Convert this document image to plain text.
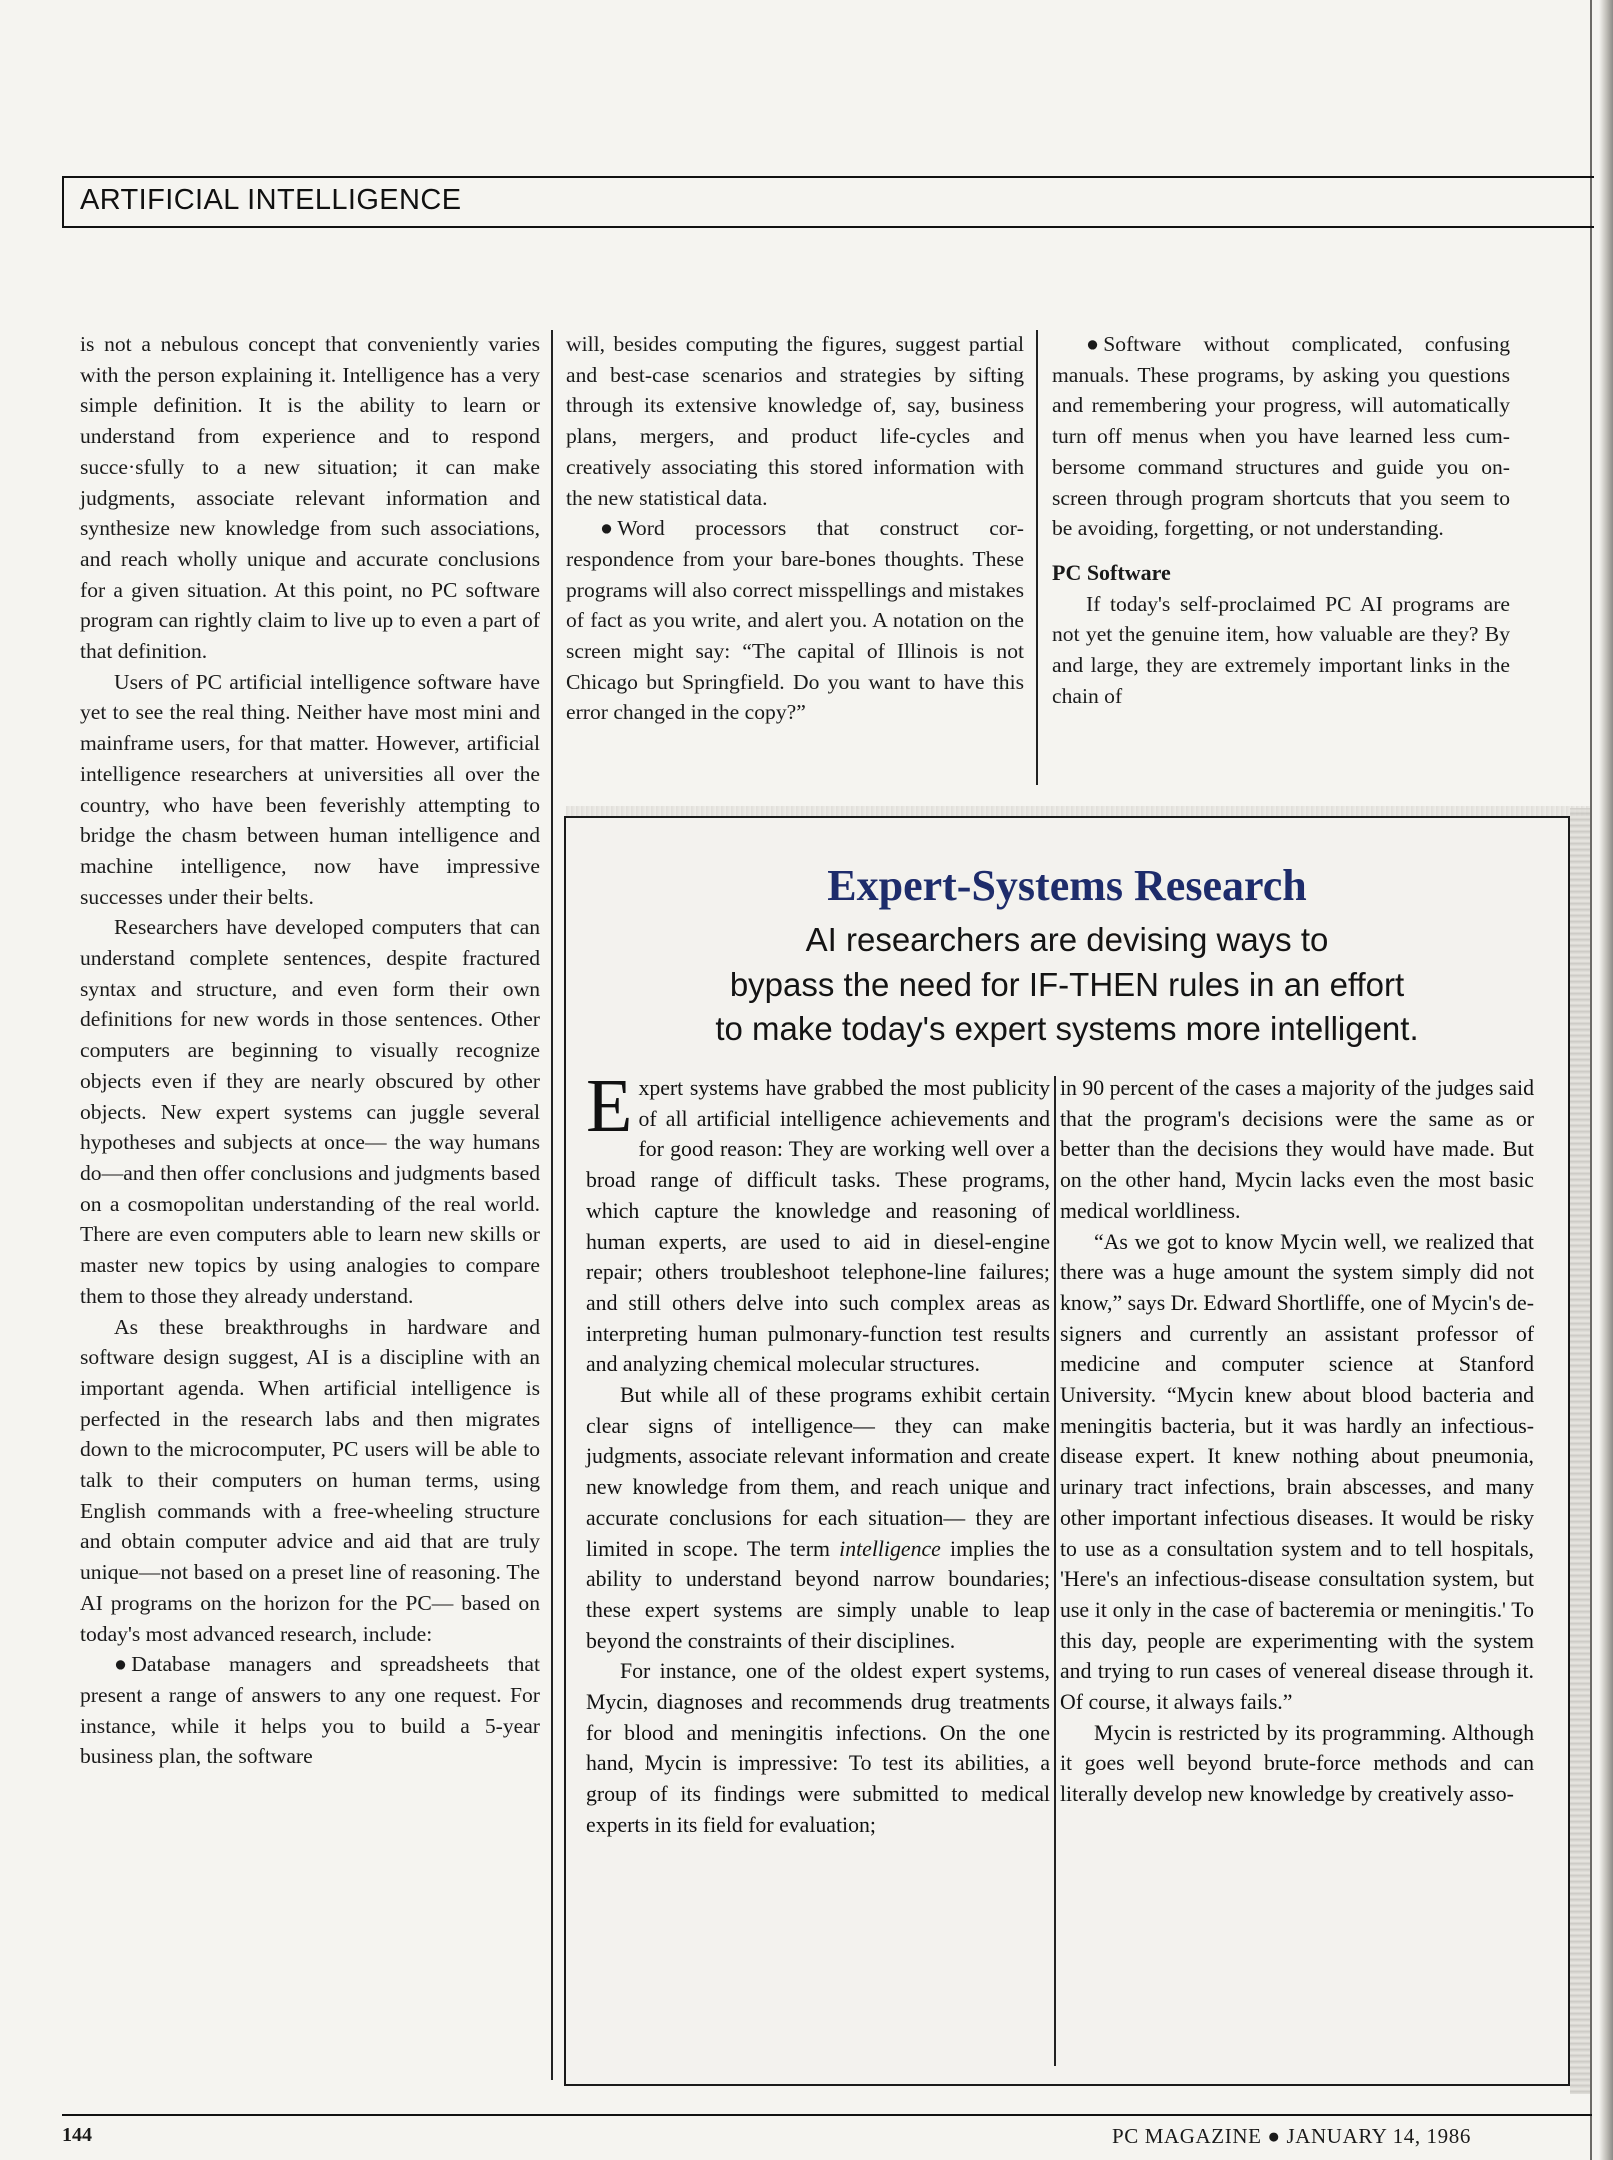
ARTIFICIAL INTELLIGENCE

is not a nebulous concept that conveniently varies with the person explaining it. Intelligence has a very simple definition. It is the ability to learn or understand from experience and to respond succe·sfully to a new situation; it can make judgments, associate relevant information and synthesize new knowledge from such associations, and reach wholly unique and accurate conclusions for a given situation. At this point, no PC software program can rightly claim to live up to even a part of that definition.

Users of PC artificial intelligence software have yet to see the real thing. Neither have most mini and mainframe users, for that matter. However, artificial intelligence researchers at universities all over the country, who have been feverishly attempting to bridge the chasm between human intelligence and machine intelligence, now have impressive successes under their belts.

Researchers have developed computers that can understand complete sentences, despite fractured syntax and structure, and even form their own definitions for new words in those sentences. Other computers are beginning to visually recognize objects even if they are nearly obscured by other objects. New expert systems can juggle several hypotheses and subjects at once— the way humans do—and then offer conclusions and judgments based on a cosmopolitan understanding of the real world. There are even computers able to learn new skills or master new topics by using analogies to compare them to those they already understand.

As these breakthroughs in hardware and software design suggest, AI is a discipline with an important agenda. When artificial intelligence is perfected in the research labs and then migrates down to the microcomputer, PC users will be able to talk to their computers on human terms, using English commands with a free-wheeling structure and obtain computer advice and aid that are truly unique—not based on a preset line of reasoning. The AI programs on the horizon for the PC— based on today's most advanced research, include:

● Database managers and spreadsheets that present a range of answers to any one request. For instance, while it helps you to build a 5-year business plan, the software

will, besides computing the figures, suggest partial and best-case scenarios and strategies by sifting through its extensive knowledge of, say, business plans, mergers, and product life-cycles and creatively associating this stored information with the new statistical data.

● Word processors that construct correspondence from your bare-bones thoughts. These programs will also correct misspellings and mistakes of fact as you write, and alert you. A notation on the screen might say: “The capital of Illinois is not Chicago but Springfield. Do you want to have this error changed in the copy?”

● Software without complicated, confusing manuals. These programs, by asking you questions and remembering your progress, will automatically turn off menus when you have learned less cumbersome command structures and guide you on-screen through program shortcuts that you seem to be avoiding, forgetting, or not understanding.

PC Software

If today's self-proclaimed PC AI programs are not yet the genuine item, how valuable are they? By and large, they are extremely important links in the chain of

Expert-Systems Research
AI researchers are devising ways to
bypass the need for IF-THEN rules in an effort
to make today's expert systems more intelligent.

Expert systems have grabbed the most publicity of all artificial intelligence achievements and for good reason: They are working well over a broad range of difficult tasks. These programs, which capture the knowledge and reasoning of human experts, are used to aid in diesel-engine repair; others troubleshoot telephone-line failures; and still others delve into such complex areas as interpreting human pulmonary-function test results and analyzing chemical molecular structures.

But while all of these programs exhibit certain clear signs of intelligence— they can make judgments, associate relevant information and create new knowledge from them, and reach unique and accurate conclusions for each situation— they are limited in scope. The term intelligence implies the ability to understand beyond narrow boundaries; these expert systems are simply unable to leap beyond the constraints of their disciplines.

For instance, one of the oldest expert systems, Mycin, diagnoses and recommends drug treatments for blood and meningitis infections. On the one hand, Mycin is impressive: To test its abilities, a group of its findings were submitted to medical experts in its field for evaluation;

in 90 percent of the cases a majority of the judges said that the program's decisions were the same as or better than the decisions they would have made. But on the other hand, Mycin lacks even the most basic medical worldliness.

“As we got to know Mycin well, we realized that there was a huge amount the system simply did not know,” says Dr. Edward Shortliffe, one of Mycin's designers and currently an assistant professor of medicine and computer science at Stanford University. “Mycin knew about blood bacteria and meningitis bacteria, but it was hardly an infectious-disease expert. It knew nothing about pneumonia, urinary tract infections, brain abscesses, and many other important infectious diseases. It would be risky to use as a consultation system and to tell hospitals, 'Here's an infectious-disease consultation system, but use it only in the case of bacteremia or meningitis.' To this day, people are experimenting with the system and trying to run cases of venereal disease through it. Of course, it always fails.”

Mycin is restricted by its programming. Although it goes well beyond brute-force methods and can literally develop new knowledge by creatively asso-

144	PC MAGAZINE ● JANUARY 14, 1986
